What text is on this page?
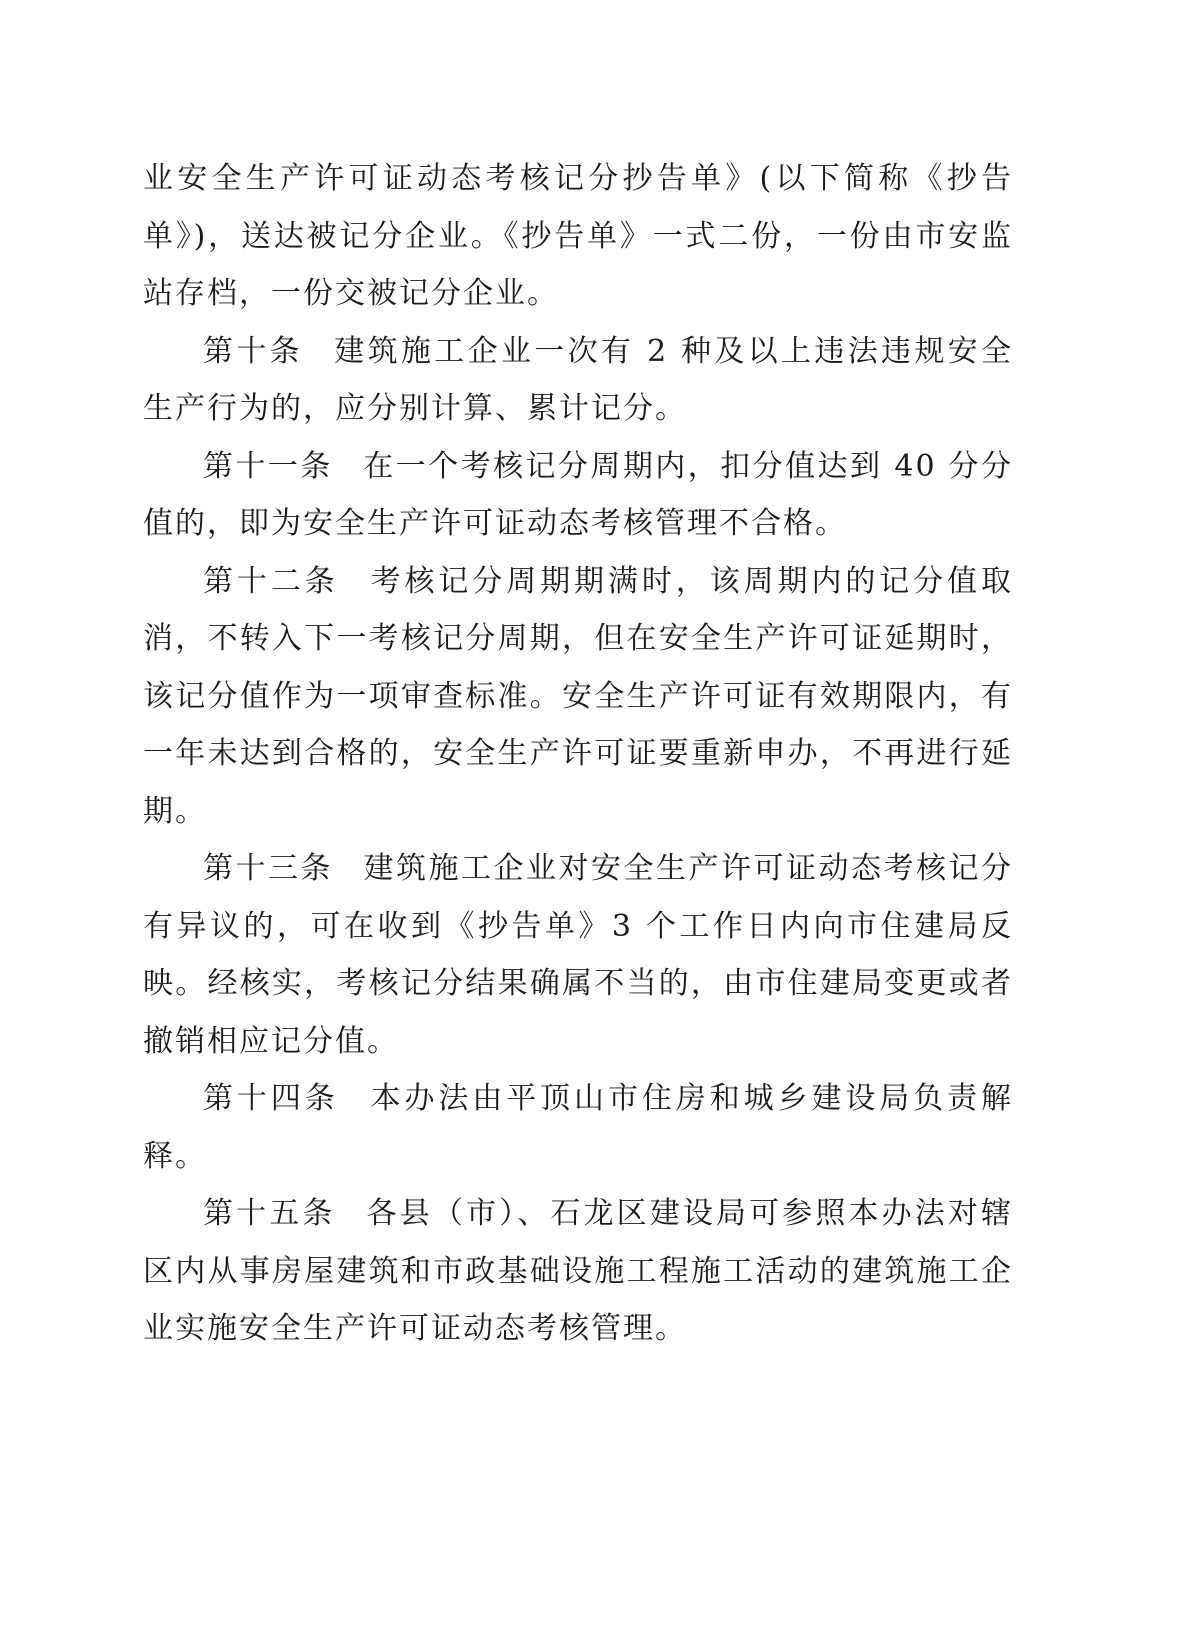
业安全生产许可证动态考核记分抄告单》(以下简称《抄告单》)，送达被记分企业。《抄告单》一式二份，一份由市安监站存档，一份交被记分企业。

第十条 建筑施工企业一次有 2 种及以上违法违规安全生产行为的，应分别计算、累计记分。

第十一条 在一个考核记分周期内，扣分值达到 40 分分值的，即为安全生产许可证动态考核管理不合格。

第十二条 考核记分周期期满时，该周期内的记分值取消，不转入下一考核记分周期，但在安全生产许可证延期时，该记分值作为一项审查标准。安全生产许可证有效期限内，有一年未达到合格的，安全生产许可证要重新申办，不再进行延期。

第十三条 建筑施工企业对安全生产许可证动态考核记分有异议的，可在收到《抄告单》3 个工作日内向市住建局反映。经核实，考核记分结果确属不当的，由市住建局变更或者撤销相应记分值。

第十四条 本办法由平顶山市住房和城乡建设局负责解释。

第十五条 各县（市）、石龙区建设局可参照本办法对辖区内从事房屋建筑和市政基础设施工程施工活动的建筑施工企业实施安全生产许可证动态考核管理。
